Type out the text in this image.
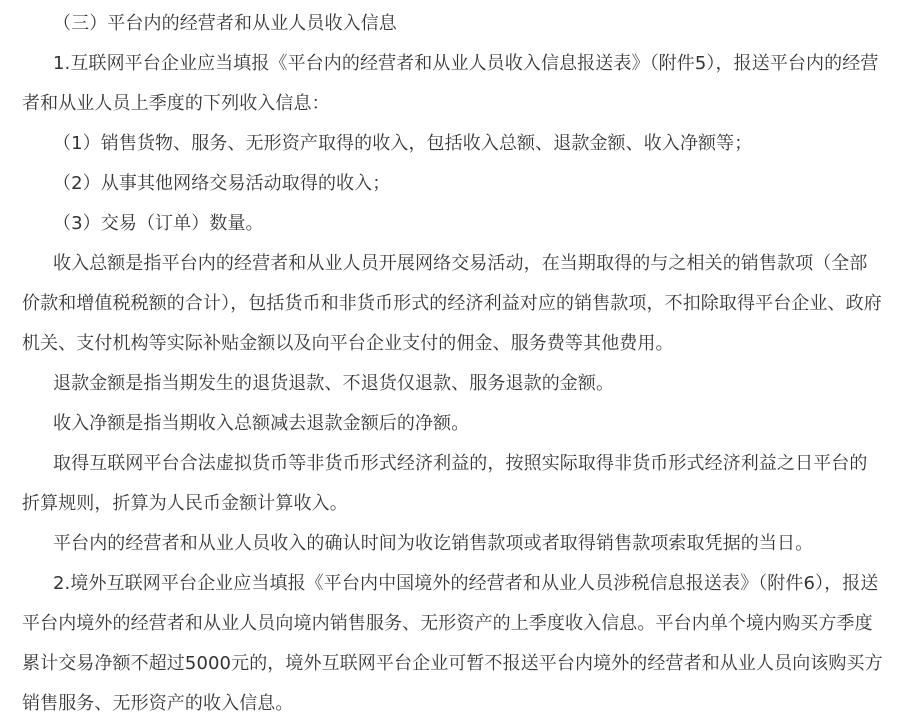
（三）平台内的经营者和从业人员收入信息

1.互联网平台企业应当填报《平台内的经营者和从业人员收入信息报送表》（附件5），报送平台内的经营者和从业人员上季度的下列收入信息：

（1）销售货物、服务、无形资产取得的收入，包括收入总额、退款金额、收入净额等；

（2）从事其他网络交易活动取得的收入；

（3）交易（订单）数量。

收入总额是指平台内的经营者和从业人员开展网络交易活动，在当期取得的与之相关的销售款项（全部价款和增值税税额的合计），包括货币和非货币形式的经济利益对应的销售款项，不扣除取得平台企业、政府机关、支付机构等实际补贴金额以及向平台企业支付的佣金、服务费等其他费用。

退款金额是指当期发生的退货退款、不退货仅退款、服务退款的金额。

收入净额是指当期收入总额减去退款金额后的净额。

取得互联网平台合法虚拟货币等非货币形式经济利益的，按照实际取得非货币形式经济利益之日平台的折算规则，折算为人民币金额计算收入。

平台内的经营者和从业人员收入的确认时间为收讫销售款项或者取得销售款项索取凭据的当日。

2.境外互联网平台企业应当填报《平台内中国境外的经营者和从业人员涉税信息报送表》（附件6），报送平台内境外的经营者和从业人员向境内销售服务、无形资产的上季度收入信息。平台内单个境内购买方季度累计交易净额不超过5000元的，境外互联网平台企业可暂不报送平台内境外的经营者和从业人员向该购买方销售服务、无形资产的收入信息。
